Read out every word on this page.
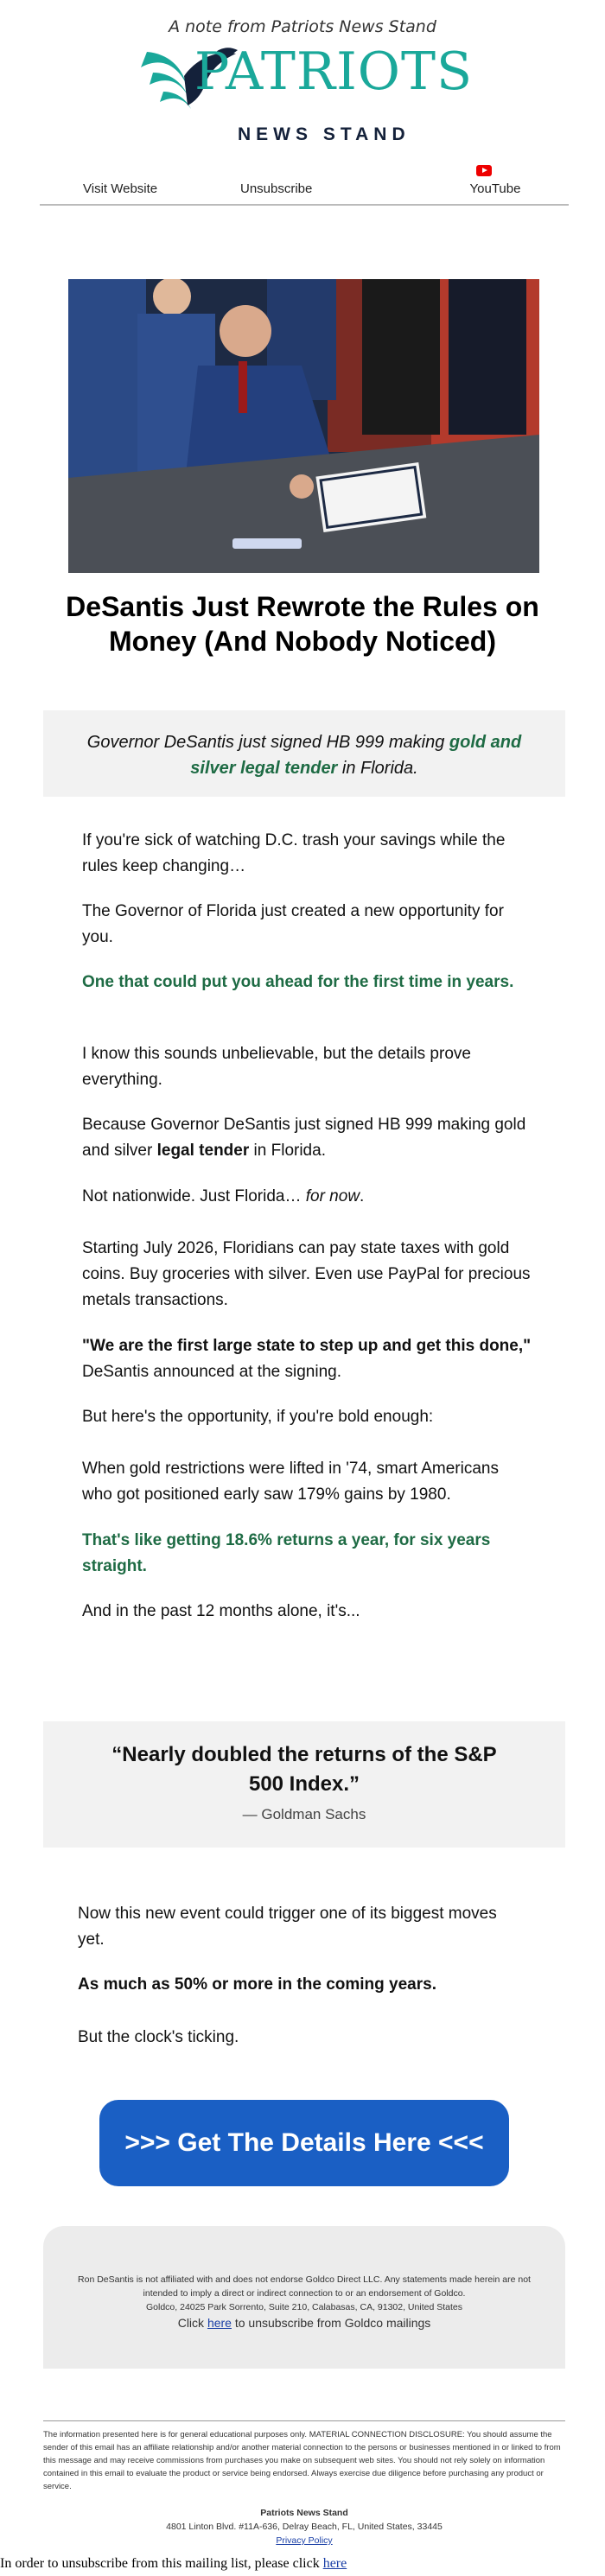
A note from Patriots News Stand
PATRIOTS
NEWS STAND
Visit Website	Unsubscribe	YouTube
DeSantis Just Rewrote the Rules on Money (And Nobody Noticed)
Governor DeSantis just signed HB 999 making gold and silver legal tender in Florida.
If you're sick of watching D.C. trash your savings while the rules keep changing…
The Governor of Florida just created a new opportunity for you.
One that could put you ahead for the first time in years.
I know this sounds unbelievable, but the details prove everything.
Because Governor DeSantis just signed HB 999 making gold and silver legal tender in Florida.
Not nationwide. Just Florida… for now.
Starting July 2026, Floridians can pay state taxes with gold coins. Buy groceries with silver. Even use PayPal for precious metals transactions.
"We are the first large state to step up and get this done," DeSantis announced at the signing.
But here's the opportunity, if you're bold enough:
When gold restrictions were lifted in '74, smart Americans who got positioned early saw 179% gains by 1980.
That's like getting 18.6% returns a year, for six years straight.
And in the past 12 months alone, it's...
“Nearly doubled the returns of the S&P 500 Index.”
— Goldman Sachs
Now this new event could trigger one of its biggest moves yet.
As much as 50% or more in the coming years.
But the clock's ticking.
>>> Get The Details Here <<<
Ron DeSantis is not affiliated with and does not endorse Goldco Direct LLC. Any statements made herein are not intended to imply a direct or indirect connection to or an endorsement of Goldco.
Goldco, 24025 Park Sorrento, Suite 210, Calabasas, CA, 91302, United States
Click here to unsubscribe from Goldco mailings
The information presented here is for general educational purposes only. MATERIAL CONNECTION DISCLOSURE: You should assume the sender of this email has an affiliate relationship and/or another material connection to the persons or businesses mentioned in or linked to from this message and may receive commissions from purchases you make on subsequent web sites. You should not rely solely on information contained in this email to evaluate the product or service being endorsed. Always exercise due diligence before purchasing any product or service.
Patriots News Stand
4801 Linton Blvd. #11A-636, Delray Beach, FL, United States, 33445
Privacy Policy
In order to unsubscribe from this mailing list, please click here
